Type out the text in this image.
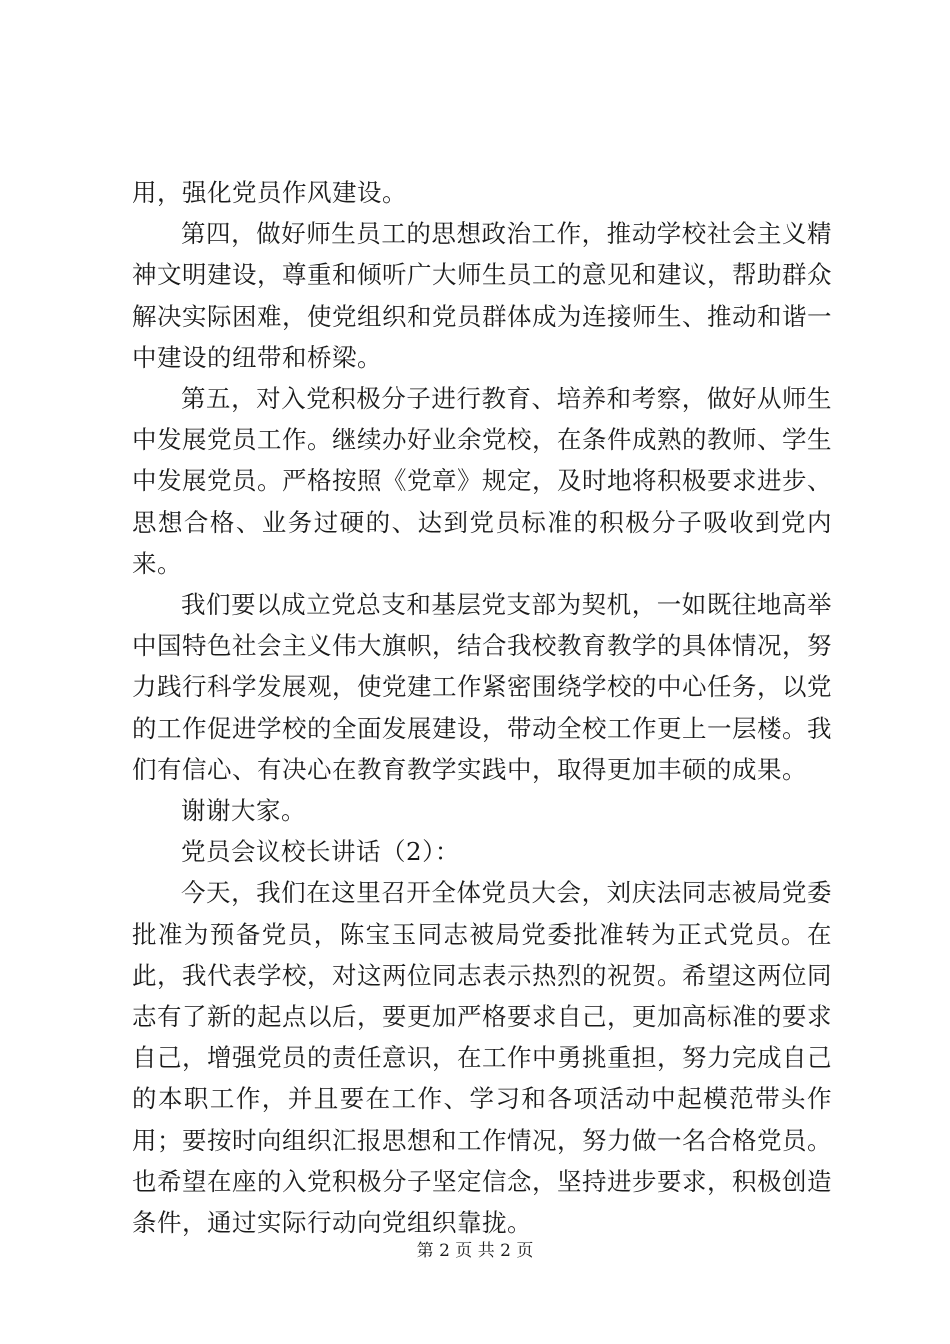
用，强化党员作风建设。

第四，做好师生员工的思想政治工作，推动学校社会主义精神文明建设，尊重和倾听广大师生员工的意见和建议，帮助群众解决实际困难，使党组织和党员群体成为连接师生、推动和谐一中建设的纽带和桥梁。

第五，对入党积极分子进行教育、培养和考察，做好从师生中发展党员工作。继续办好业余党校，在条件成熟的教师、学生中发展党员。严格按照《党章》规定，及时地将积极要求进步、思想合格、业务过硬的、达到党员标准的积极分子吸收到党内来。

我们要以成立党总支和基层党支部为契机，一如既往地高举中国特色社会主义伟大旗帜，结合我校教育教学的具体情况，努力践行科学发展观，使党建工作紧密围绕学校的中心任务，以党的工作促进学校的全面发展建设，带动全校工作更上一层楼。我们有信心、有决心在教育教学实践中，取得更加丰硕的成果。

谢谢大家。

党员会议校长讲话（2）：

今天，我们在这里召开全体党员大会，刘庆法同志被局党委批准为预备党员，陈宝玉同志被局党委批准转为正式党员。在此，我代表学校，对这两位同志表示热烈的祝贺。希望这两位同志有了新的起点以后，要更加严格要求自己，更加高标准的要求自己，增强党员的责任意识，在工作中勇挑重担，努力完成自己的本职工作，并且要在工作、学习和各项活动中起模范带头作用；要按时向组织汇报思想和工作情况，努力做一名合格党员。也希望在座的入党积极分子坚定信念，坚持进步要求，积极创造条件，通过实际行动向党组织靠拢。

第 2 页 共 2 页
